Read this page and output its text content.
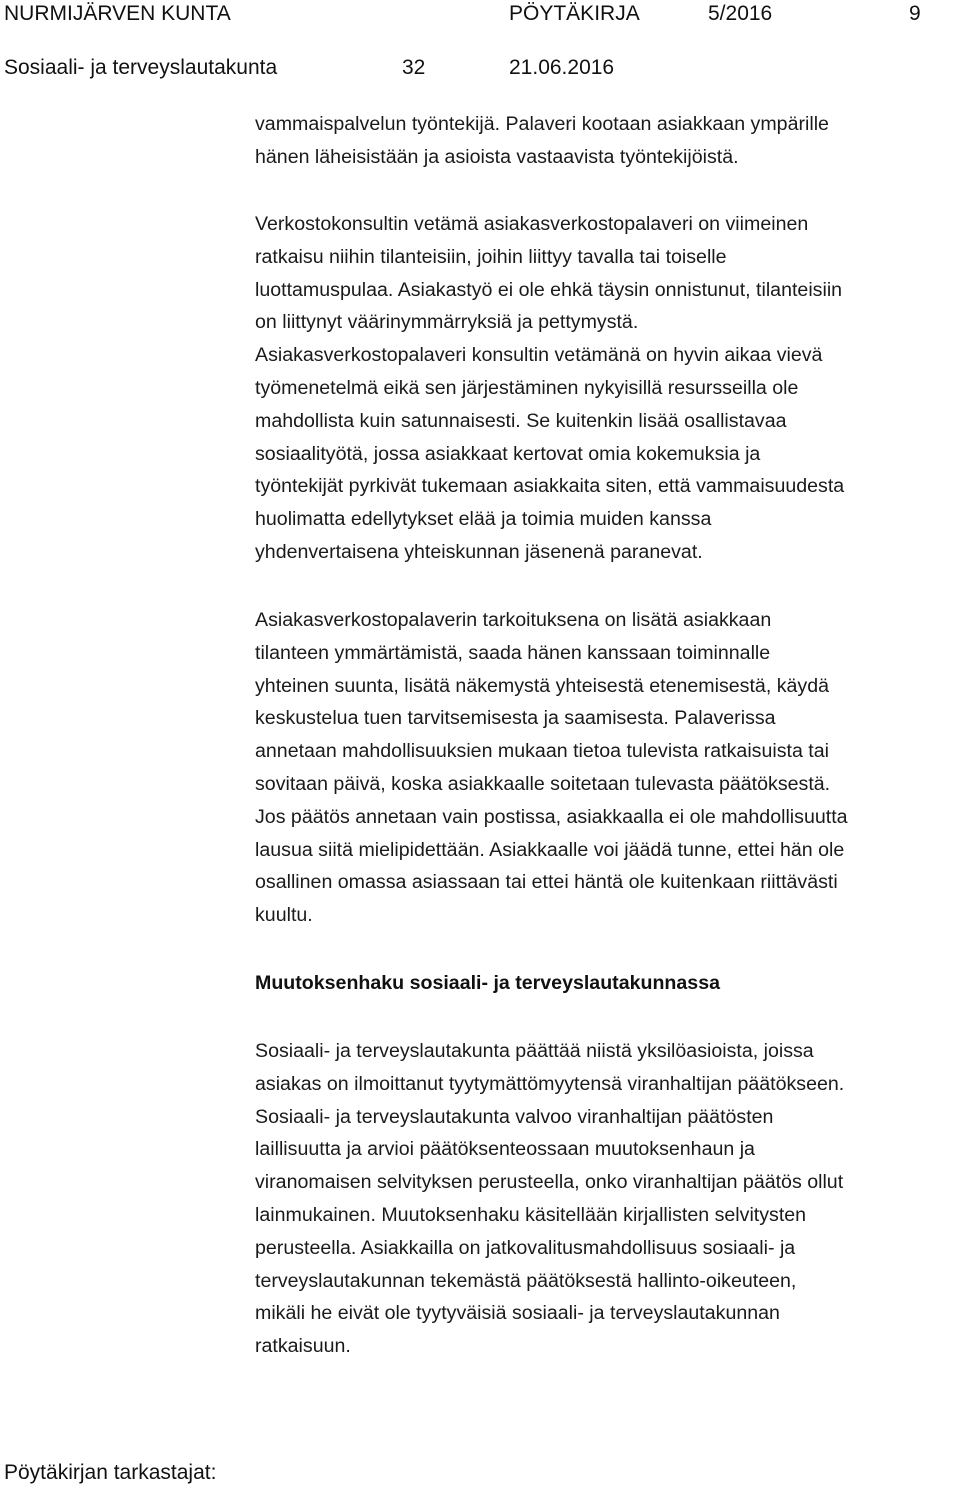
NURMIJÄRVEN KUNTA	PÖYTÄKIRJA	5/2016	9
Sosiaali- ja terveyslautakunta	32	21.06.2016
vammaispalvelun työntekijä. Palaveri kootaan asiakkaan ympärille
hänen läheisistään ja asioista vastaavista työntekijöistä.
Verkostokonsultin vetämä asiakasverkostopalaveri on viimeinen
ratkaisu niihin tilanteisiin, joihin liittyy tavalla tai toiselle
luottamuspulaa. Asiakastyö ei ole ehkä täysin onnistunut, tilanteisiin
on liittynyt väärinymmärryksiä ja pettymystä.
Asiakasverkostopalaveri konsultin vetämänä on hyvin aikaa vievä
työmenetelmä eikä sen järjestäminen nykyisillä resursseilla ole
mahdollista kuin satunnaisesti. Se kuitenkin lisää osallistavaa
sosiaalityötä, jossa asiakkaat kertovat omia kokemuksia ja
työntekijät pyrkivät tukemaan asiakkaita siten, että vammaisuudesta
huolimatta edellytykset elää ja toimia muiden kanssa
yhdenvertaisena yhteiskunnan jäsenenä paranevat.
Asiakasverkostopalaverin tarkoituksena on lisätä asiakkaan
tilanteen ymmärtämistä, saada hänen kanssaan toiminnalle
yhteinen suunta, lisätä näkemystä yhteisestä etenemisestä, käydä
keskustelua tuen tarvitsemisesta ja saamisesta. Palaverissa
annetaan mahdollisuuksien mukaan tietoa tulevista ratkaisuista tai
sovitaan päivä, koska asiakkaalle soitetaan tulevasta päätöksestä.
Jos päätös annetaan vain postissa, asiakkaalla ei ole mahdollisuutta
lausua siitä mielipidettään. Asiakkaalle voi jäädä tunne, ettei hän ole
osallinen omassa asiassaan tai ettei häntä ole kuitenkaan riittävästi
kuultu.
Muutoksenhaku sosiaali- ja terveyslautakunnassa
Sosiaali- ja terveyslautakunta päättää niistä yksilöasioista, joissa
asiakas on ilmoittanut tyytymättömyytensä viranhaltijan päätökseen.
Sosiaali- ja terveyslautakunta valvoo viranhaltijan päätösten
laillisuutta ja arvioi päätöksenteossaan muutoksenhaun ja
viranomaisen selvityksen perusteella, onko viranhaltijan päätös ollut
lainmukainen. Muutoksenhaku käsitellään kirjallisten selvitysten
perusteella. Asiakkailla on jatkovalitusmahdollisuus sosiaali- ja
terveyslautakunnan tekemästä päätöksestä hallinto-oikeuteen,
mikäli he eivät ole tyytyväisiä sosiaali- ja terveyslautakunnan
ratkaisuun.
Pöytäkirjan tarkastajat:
